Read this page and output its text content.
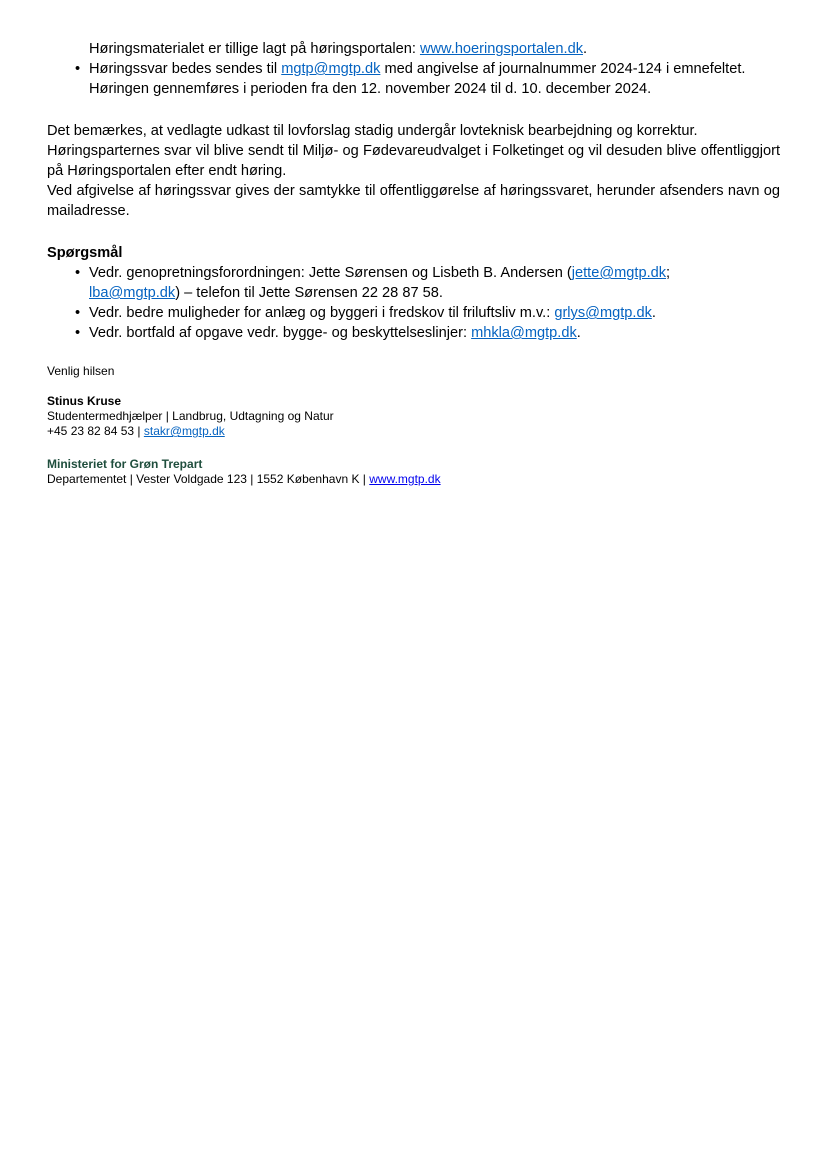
Høringsmaterialet er tillige lagt på høringsportalen: www.hoeringsportalen.dk.
• Høringssvar bedes sendes til mgtp@mgtp.dk med angivelse af journalnummer 2024-124 i emnefeltet.
Høringen gennemføres i perioden fra den 12. november 2024 til d. 10. december 2024.
Det bemærkes, at vedlagte udkast til lovforslag stadig undergår lovteknisk bearbejdning og korrektur.
Høringsparternes svar vil blive sendt til Miljø- og Fødevareudvalget i Folketinget og vil desuden blive offentliggjort på Høringsportalen efter endt høring.
Ved afgivelse af høringssvar gives der samtykke til offentliggørelse af høringssvaret, herunder afsenders navn og mailadresse.
Spørgsmål
• Vedr. genopretningsforordningen: Jette Sørensen og Lisbeth B. Andersen (jette@mgtp.dk;
lba@mgtp.dk) – telefon til Jette Sørensen 22 28 87 58.
• Vedr. bedre muligheder for anlæg og byggeri i fredskov til friluftsliv m.v.: grlys@mgtp.dk.
• Vedr. bortfald af opgave vedr. bygge- og beskyttelseslinjer: mhkla@mgtp.dk.
Venlig hilsen
Stinus Kruse
Studentermedhjælper | Landbrug, Udtagning og Natur
+45 23 82 84 53 | stakr@mgtp.dk
Ministeriet for Grøn Trepart
Departementet | Vester Voldgade 123 | 1552 København K | www.mgtp.dk
